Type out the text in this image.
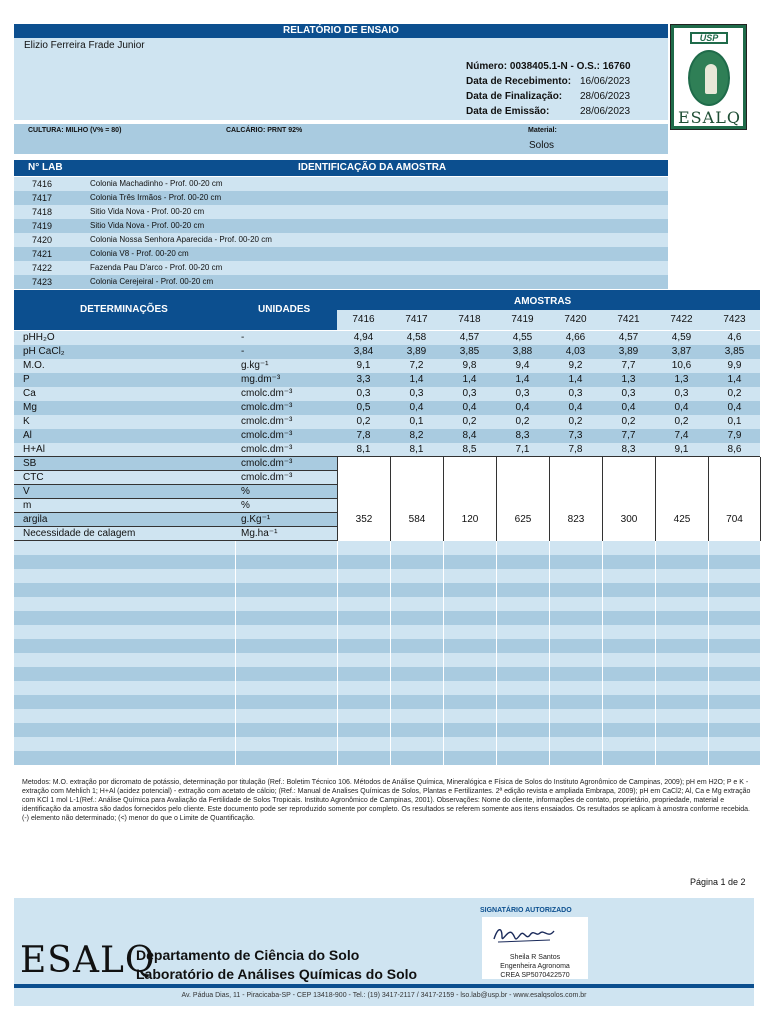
RELATÓRIO DE ENSAIO
Elizio Ferreira Frade Junior
Número: 0038405.1-N - O.S.: 16760
Data de Recebimento: 16/06/2023
Data de Finalização: 28/06/2023
Data de Emissão:	28/06/2023
USP
ESALQ
CULTURA: MILHO (V% = 80)	CALCÁRIO: PRNT 92%	Material:
Solos
N° LAB	IDENTIFICAÇÃO DA AMOSTRA
7416	Colonia Machadinho - Prof. 00-20 cm
7417	Colonia Três Irmãos - Prof. 00-20 cm
7418	Sitio Vida Nova - Prof. 00-20 cm
7419	Sitio Vida Nova - Prof. 00-20 cm
7420	Colonia Nossa Senhora Aparecida - Prof. 00-20 cm
7421	Colonia V8 - Prof. 00-20 cm
7422	Fazenda Pau D'arco - Prof. 00-20 cm
7423	Colonia Cerejeiral - Prof. 00-20 cm
DETERMINAÇÕES	UNIDADES
AMOSTRAS
7416	7417	7418	7419	7420	7421	7422	7423
pHH₂O	-	4,94	4,58	4,57	4,55	4,66	4,57	4,59	4,6
pH CaCl₂	-	3,84	3,89	3,85	3,88	4,03	3,89	3,87	3,85
M.O.	g.kg⁻¹	9,1	7,2	9,8	9,4	9,2	7,7	10,6	9,9
P	mg.dm⁻³	3,3	1,4	1,4	1,4	1,4	1,3	1,3	1,4
Ca	cmolc.dm⁻³	0,3	0,3	0,3	0,3	0,3	0,3	0,3	0,2
Mg	cmolc.dm⁻³	0,5	0,4	0,4	0,4	0,4	0,4	0,4	0,4
K	cmolc.dm⁻³	0,2	0,1	0,2	0,2	0,2	0,2	0,2	0,1
Al	cmolc.dm⁻³	7,8	8,2	8,4	8,3	7,3	7,7	7,4	7,9
H+Al	cmolc.dm⁻³	8,1	8,1	8,5	7,1	7,8	8,3	9,1	8,6
SB	cmolc.dm⁻³
CTC	cmolc.dm⁻³
V	%
m	%
argila	g.Kg⁻¹	352	584	120	625	823	300	425	704
Necessidade de calagem	Mg.ha⁻¹
Metodos: M.O. extração por dicromato de potássio, determinação por titulação (Ref.: Boletim Técnico 106. Métodos de Análise Química, Mineralógica e Física de Solos do Instituto Agronômico de Campinas, 2009); pH em H2O; P e K - extração com Mehlich 1; H+Al (acidez potencial) - extração com acetato de cálcio; (Ref.: Manual de Analises Químicas de Solos, Plantas e Fertilizantes. 2ª edição revista e ampliada Embrapa, 2009); pH em CaCl2; Al, Ca e Mg extração com KCl 1 mol L-1(Ref.: Análise Química para Avaliação da Fertilidade de Solos Tropicais. Instituto Agronômico de Campinas, 2001). Observações: Nome do cliente, informações de contato, proprietário, propriedade, material e identificação da amostra são dados fornecidos pelo cliente. Este documento pode ser reproduzido somente por completo. Os resultados se referem somente aos itens ensaiados. Os resultados se aplicam à amostra conforme recebida. (-) elemento não determinado; (<) menor do que o Limite de Quantificação.
Página 1 de 2
ESALQ
Departamento de Ciência do Solo
Laboratório de Análises Químicas do Solo
SIGNATÁRIO AUTORIZADO
Sheila R Santos
Engenheira Agronoma
CREA SP5070422570
Av. Pádua Dias, 11 - Piracicaba-SP - CEP 13418-900 - Tel.: (19) 3417-2117 / 3417-2159 - lso.lab@usp.br - www.esalqsolos.com.br
